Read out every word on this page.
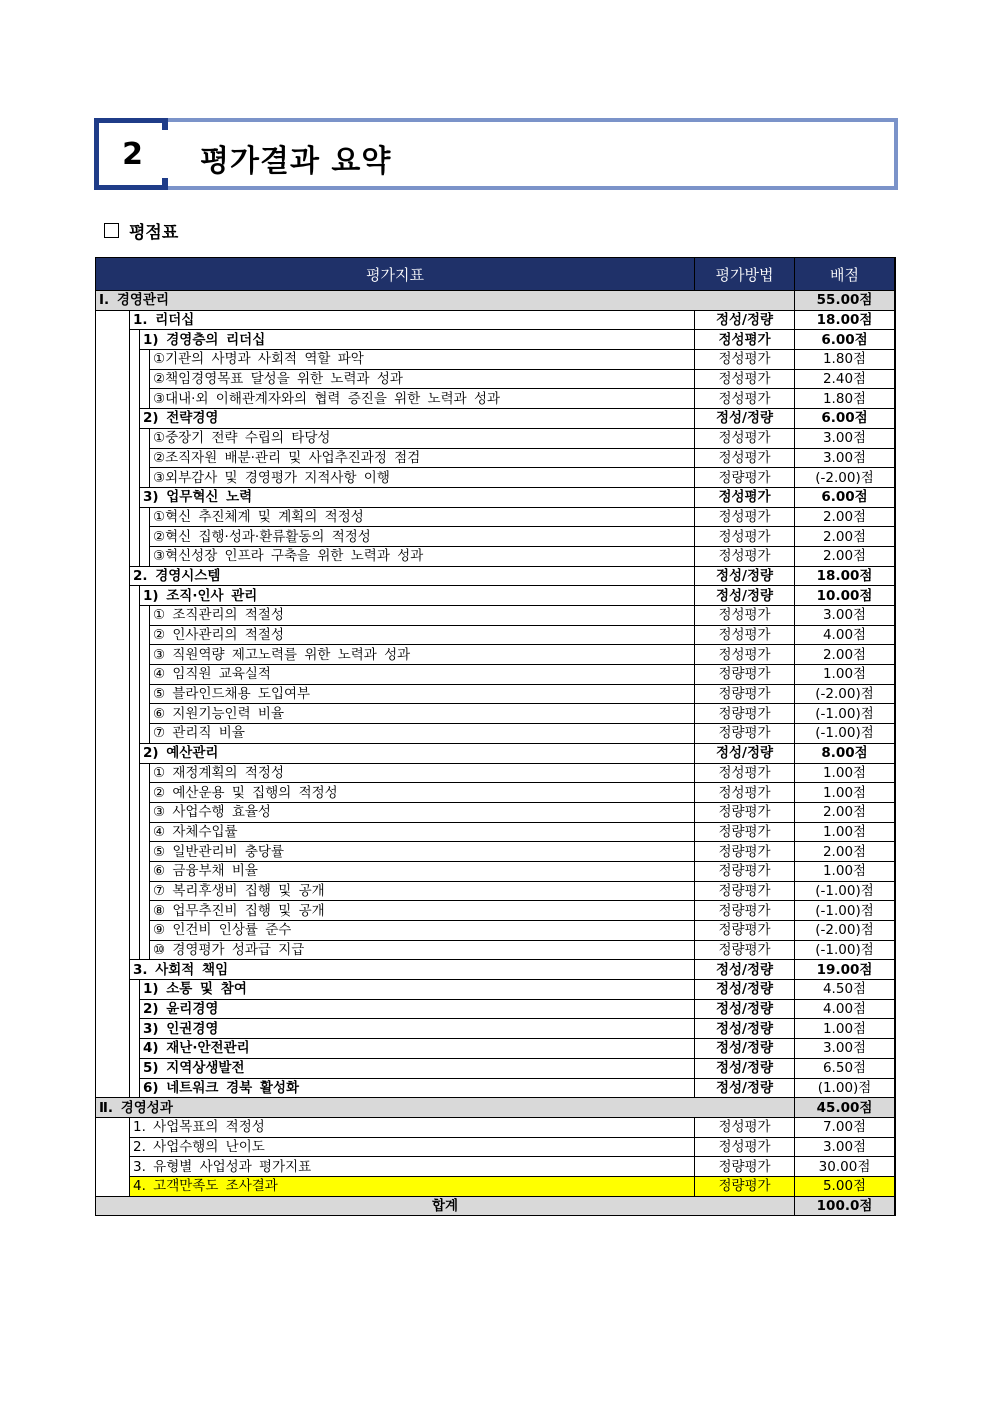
2	평가결과 요약
평점표
평가지표				평가방법	배점	
Ⅰ. 경영관리					55.00점	
	1. 리더십			정성/정량	18.00점	
		1) 경영층의 리더십		정성평가	6.00점	
			①기관의 사명과 사회적 역할 파악	정성평가	1.80점	
			②책임경영목표 달성을 위한 노력과 성과	정성평가	2.40점	
			③대내·외 이해관계자와의 협력 증진을 위한 노력과 성과	정성평가	1.80점	
		2) 전략경영		정성/정량	6.00점	
			①중장기 전략 수립의 타당성	정성평가	3.00점	
			②조직자원 배분·관리 및 사업추진과정 점검	정성평가	3.00점	
			③외부감사 및 경영평가 지적사항 이행	정량평가	(-2.00)점	
		3) 업무혁신 노력		정성평가	6.00점	
			①혁신 추진체계 및 계획의 적정성	정성평가	2.00점	
			②혁신 집행·성과·환류활동의 적정성	정성평가	2.00점	
			③혁신성장 인프라 구축을 위한 노력과 성과	정성평가	2.00점	
	2. 경영시스템			정성/정량	18.00점	
		1) 조직·인사 관리		정성/정량	10.00점	
			① 조직관리의 적절성	정성평가	3.00점	
			② 인사관리의 적절성	정성평가	4.00점	
			③ 직원역량 제고노력를 위한 노력과 성과	정성평가	2.00점	
			④ 임직원 교육실적	정량평가	1.00점	
			⑤ 블라인드채용 도입여부	정량평가	(-2.00)점	
			⑥ 지원기능인력 비율	정량평가	(-1.00)점	
			⑦ 관리직 비율	정량평가	(-1.00)점	
		2) 예산관리		정성/정량	8.00점	
			① 재정계획의 적정성	정성평가	1.00점	
			② 예산운용 및 집행의 적정성	정성평가	1.00점	
			③ 사업수행 효율성	정량평가	2.00점	
			④ 자체수입률	정량평가	1.00점	
			⑤ 일반관리비 충당률	정량평가	2.00점	
			⑥ 금융부채 비율	정량평가	1.00점	
			⑦ 복리후생비 집행 및 공개	정량평가	(-1.00)점	
			⑧ 업무추진비 집행 및 공개	정량평가	(-1.00)점	
			⑨ 인건비 인상률 준수	정량평가	(-2.00)점	
			⑩ 경영평가 성과급 지급	정량평가	(-1.00)점	
	3. 사회적 책임			정성/정량	19.00점	
		1) 소통 및 참여		정성/정량	4.50점	
		2) 윤리경영		정성/정량	4.00점	
		3) 인권경영		정성/정량	1.00점	
		4) 재난·안전관리		정성/정량	3.00점	
		5) 지역상생발전		정성/정량	6.50점	
		6) 네트워크 경북 활성화		정성/정량	(1.00)점	
Ⅱ. 경영성과					45.00점	
	1. 사업목표의 적정성			정성평가	7.00점	
	2. 사업수행의 난이도			정성평가	3.00점	
	3. 유형별 사업성과 평가지표			정량평가	30.00점	
	4. 고객만족도 조사결과			정량평가	5.00점	
합계					100.0점	
